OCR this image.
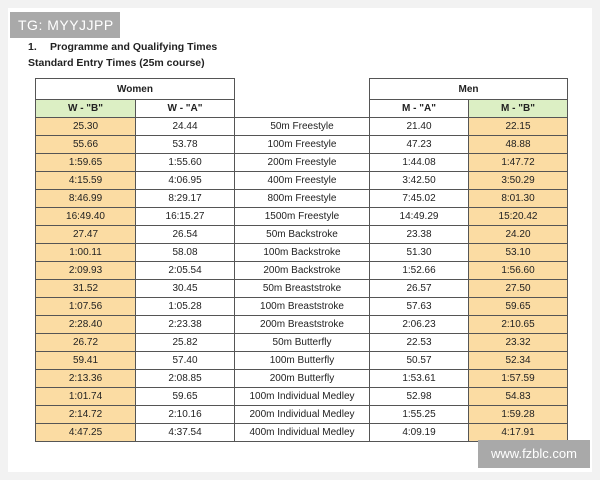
TG: MYYJJPP
1. Programme and Qualifying Times
Standard Entry Times (25m course)
Women			Men	
W - "B"	W - "A"		M - "A"	M - "B"
25.30	24.44	50m Freestyle	21.40	22.15
55.66	53.78	100m Freestyle	47.23	48.88
1:59.65	1:55.60	200m Freestyle	1:44.08	1:47.72
4:15.59	4:06.95	400m Freestyle	3:42.50	3:50.29
8:46.99	8:29.17	800m Freestyle	7:45.02	8:01.30
16:49.40	16:15.27	1500m Freestyle	14:49.29	15:20.42
27.47	26.54	50m Backstroke	23.38	24.20
1:00.11	58.08	100m Backstroke	51.30	53.10
2:09.93	2:05.54	200m Backstroke	1:52.66	1:56.60
31.52	30.45	50m Breaststroke	26.57	27.50
1:07.56	1:05.28	100m Breaststroke	57.63	59.65
2:28.40	2:23.38	200m Breaststroke	2:06.23	2:10.65
26.72	25.82	50m Butterfly	22.53	23.32
59.41	57.40	100m Butterfly	50.57	52.34
2:13.36	2:08.85	200m Butterfly	1:53.61	1:57.59
1:01.74	59.65	100m Individual Medley	52.98	54.83
2:14.72	2:10.16	200m Individual Medley	1:55.25	1:59.28
4:47.25	4:37.54	400m Individual Medley	4:09.19	4:17.91
www.fzblc.com
